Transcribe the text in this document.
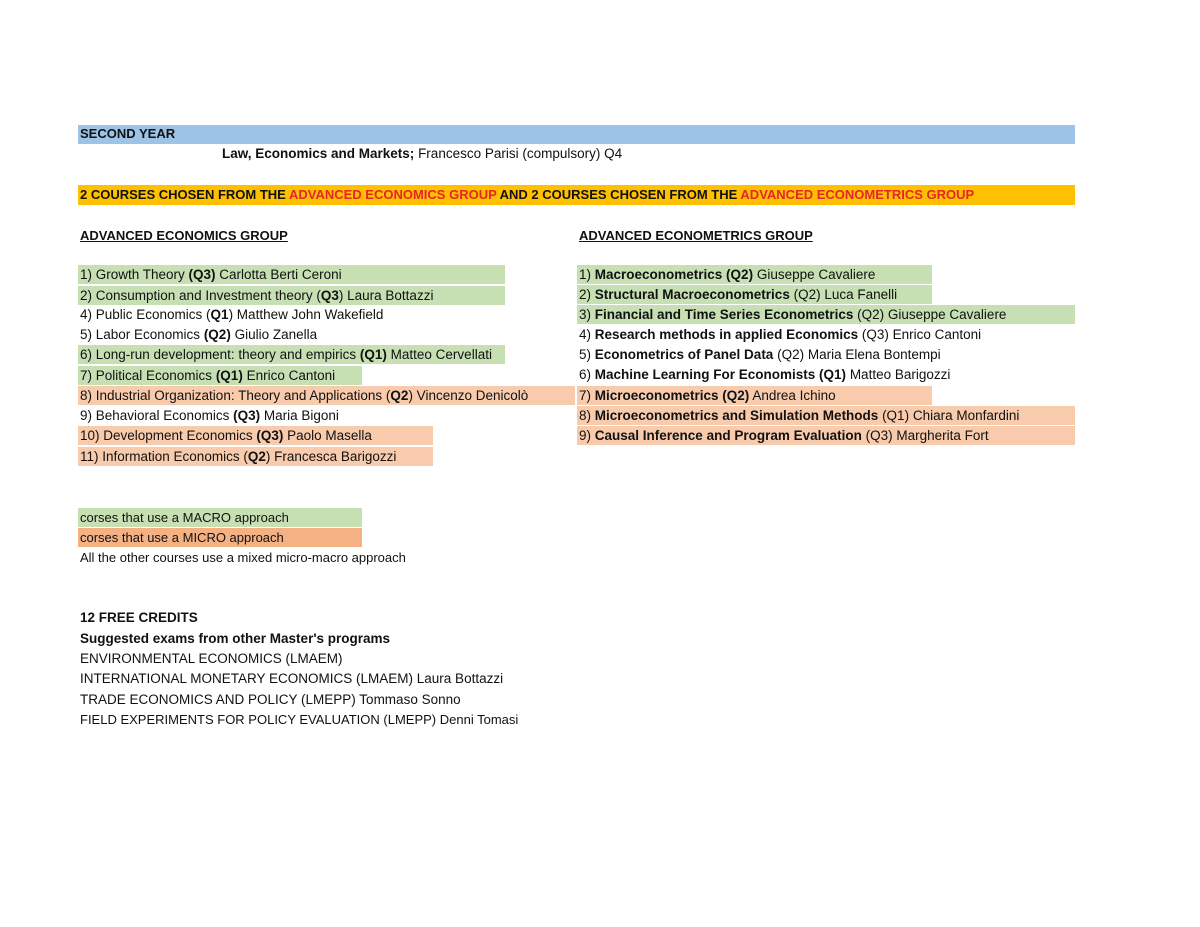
SECOND YEAR
Law, Economics and Markets; Francesco Parisi (compulsory) Q4
2 COURSES CHOSEN FROM THE ADVANCED ECONOMICS GROUP AND 2 COURSES CHOSEN FROM THE ADVANCED ECONOMETRICS GROUP
ADVANCED ECONOMICS GROUP	ADVANCED ECONOMETRICS GROUP
1) Growth Theory (Q3) Carlotta Berti Ceroni
2) Consumption and Investment theory (Q3) Laura Bottazzi
4) Public Economics (Q1) Matthew John Wakefield
5) Labor Economics (Q2) Giulio Zanella
6) Long-run development: theory and empirics (Q1) Matteo Cervellati
7) Political Economics (Q1) Enrico Cantoni
8) Industrial Organization: Theory and Applications (Q2) Vincenzo Denicolò
9) Behavioral Economics (Q3) Maria Bigoni
10) Development Economics (Q3) Paolo Masella
11) Information Economics (Q2) Francesca Barigozzi
1) Macroeconometrics (Q2) Giuseppe Cavaliere
2) Structural Macroeconometrics (Q2) Luca Fanelli
3) Financial and Time Series Econometrics (Q2) Giuseppe Cavaliere
4) Research methods in applied Economics (Q3) Enrico Cantoni
5) Econometrics of Panel Data (Q2) Maria Elena Bontempi
6) Machine Learning For Economists (Q1) Matteo Barigozzi
7) Microeconometrics (Q2) Andrea Ichino
8) Microeconometrics and Simulation Methods (Q1) Chiara Monfardini
9) Causal Inference and Program Evaluation (Q3) Margherita Fort
corses that use a MACRO approach
corses that use a MICRO approach
All the other courses use a mixed micro-macro approach
12 FREE CREDITS
Suggested exams from other Master's programs
ENVIRONMENTAL ECONOMICS (LMAEM)
INTERNATIONAL MONETARY ECONOMICS (LMAEM) Laura Bottazzi
TRADE ECONOMICS AND POLICY (LMEPP) Tommaso Sonno
FIELD EXPERIMENTS FOR POLICY EVALUATION (LMEPP) Denni Tomasi
